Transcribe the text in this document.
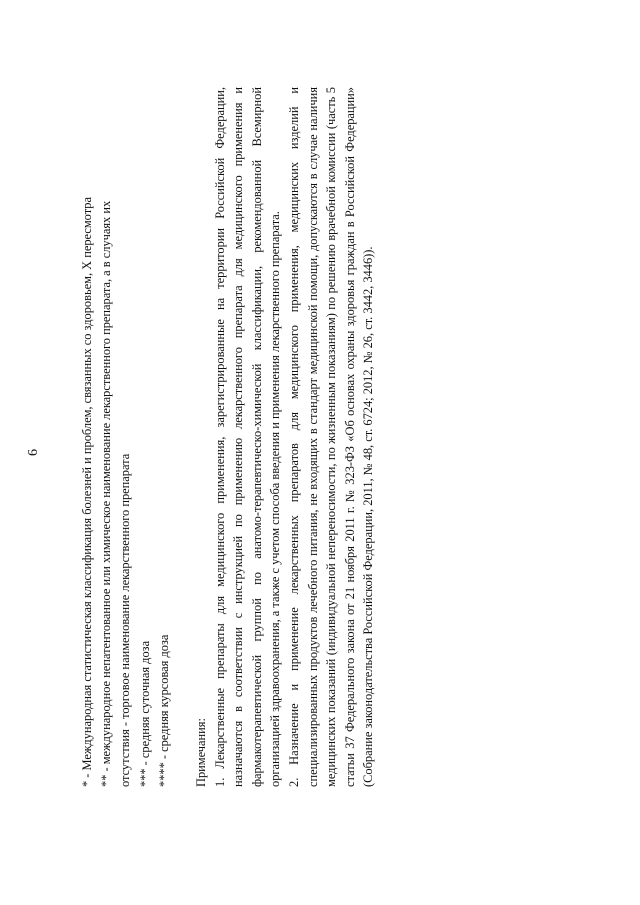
6	* - Международная статистическая классификация болезней и проблем, связанных со здоровьем, X пересмотра ** - международное непатентованное или химическое наименование лекарственного препарата, а в случаях их отсутствия - торговое наименование лекарственного препарата *** - средняя суточная доза **** - средняя курсовая доза Примечания: 1. Лекарственные препараты для медицинского применения, зарегистрированные на территории Российской Федерации, назначаются в соответствии с инструкцией по применению лекарственного препарата для медицинского применения и фармакотерапевтической группой по анатомо-терапевтическо-химической классификации, рекомендованной Всемирной организацией здравоохранения, а также с учетом способа введения и применения лекарственного препарата. 2. Назначение и применение лекарственных препаратов для медицинского применения, медицинских изделий и специализированных продуктов лечебного питания, не входящих в стандарт медицинской помощи, допускаются в случае наличия медицинских показаний (индивидуальной непереносимости, по жизненным показаниям) по решению врачебной комиссии (часть 5 статьи 37 Федерального закона от 21 ноября 2011 г. № 323-ФЗ «Об основах охраны здоровья граждан в Российской Федерации» (Собрание законодательства Российской Федерации, 2011, № 48, ст. 6724; 2012, № 26, ст. 3442, 3446)).
